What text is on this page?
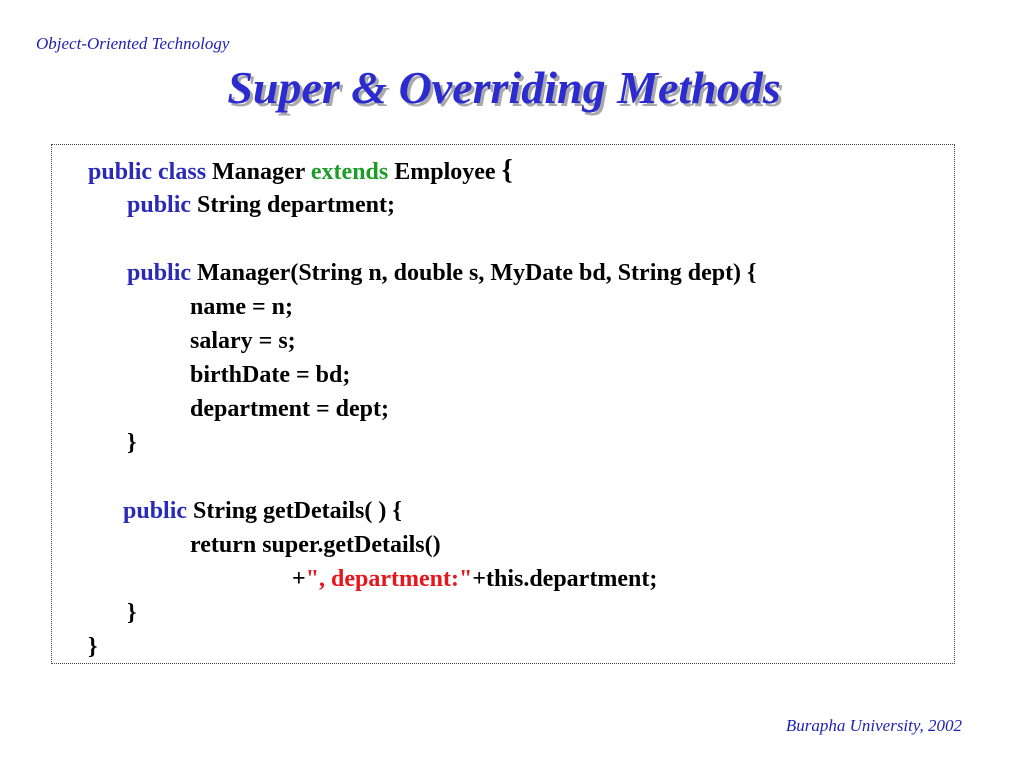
Object-Oriented Technology
Super & Overriding Methods
public class Manager extends Employee {
public String department;
public Manager(String n, double s, MyDate bd, String dept) {
name = n;
salary = s;
birthDate = bd;
department = dept;
}
public String getDetails( ) {
return super.getDetails()
+", department:"+this.department;
}
}
Burapha University, 2002
